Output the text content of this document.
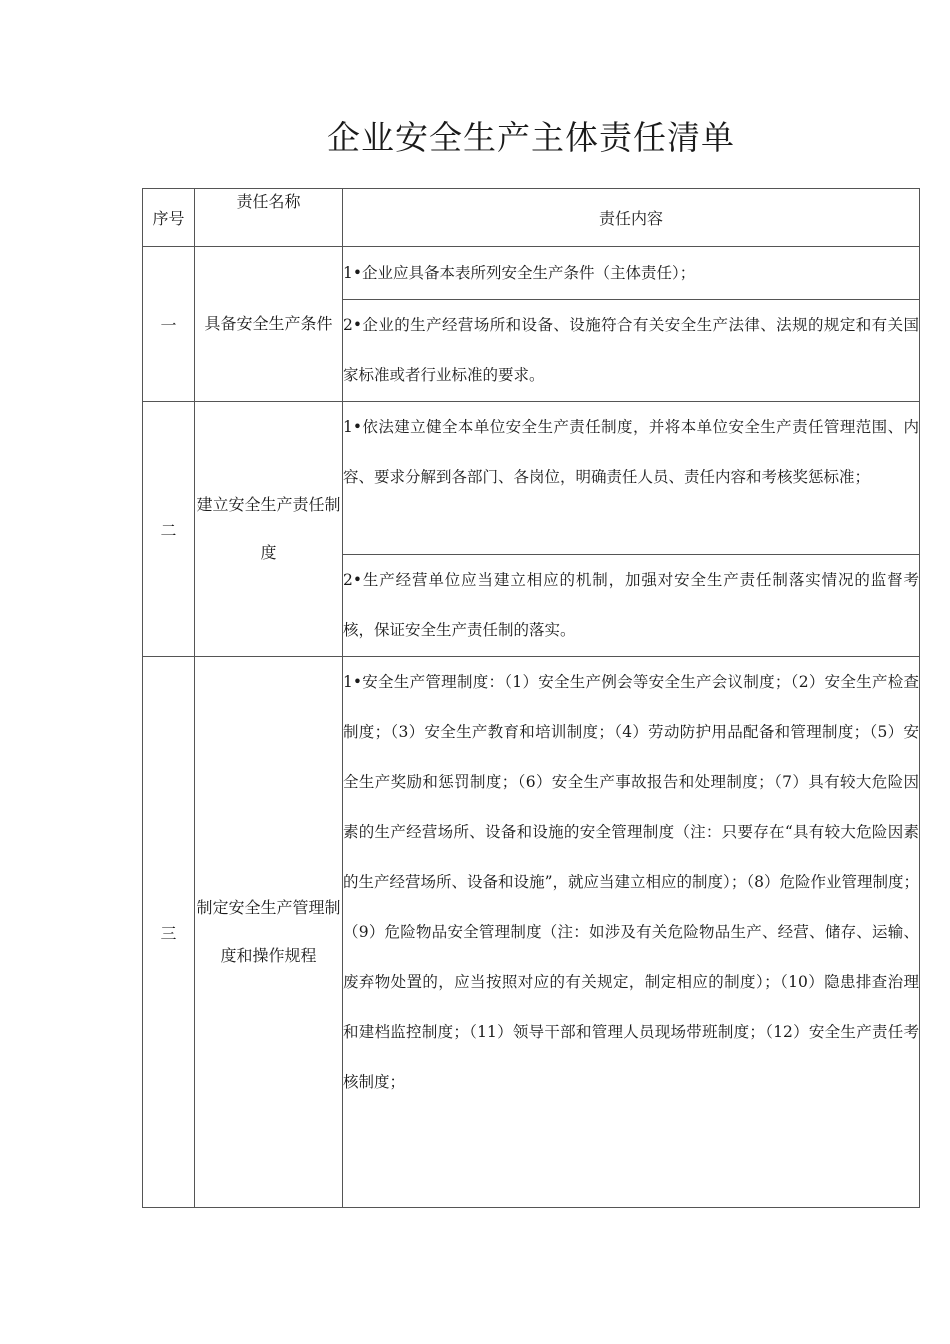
企业安全生产主体责任清单
序号	责任名称	责任内容
一	具备安全生产条件	1•企业应具备本表所列安全生产条件（主体责任）；
		2•企业的生产经营场所和设备、设施符合有关安全生产法律、法规的规定和有关国家标准或者行业标准的要求。
二	建立安全生产责任制度	1•依法建立健全本单位安全生产责任制度，并将本单位安全生产责任管理范围、内容、要求分解到各部门、各岗位，明确责任人员、责任内容和考核奖惩标准；
		2•生产经营单位应当建立相应的机制，加强对安全生产责任制落实情况的监督考核，保证安全生产责任制的落实。
三	制定安全生产管理制度和操作规程	1•安全生产管理制度：（1）安全生产例会等安全生产会议制度；（2）安全生产检查制度；（3）安全生产教育和培训制度；（4）劳动防护用品配备和管理制度；（5）安全生产奖励和惩罚制度；（6）安全生产事故报告和处理制度；（7）具有较大危险因素的生产经营场所、设备和设施的安全管理制度（注：只要存在“具有较大危险因素的生产经营场所、设备和设施”，就应当建立相应的制度）；（8）危险作业管理制度；（9）危险物品安全管理制度（注：如涉及有关危险物品生产、经营、储存、运输、废弃物处置的，应当按照对应的有关规定，制定相应的制度）；（10）隐患排查治理和建档监控制度；（11）领导干部和管理人员现场带班制度；（12）安全生产责任考核制度；
